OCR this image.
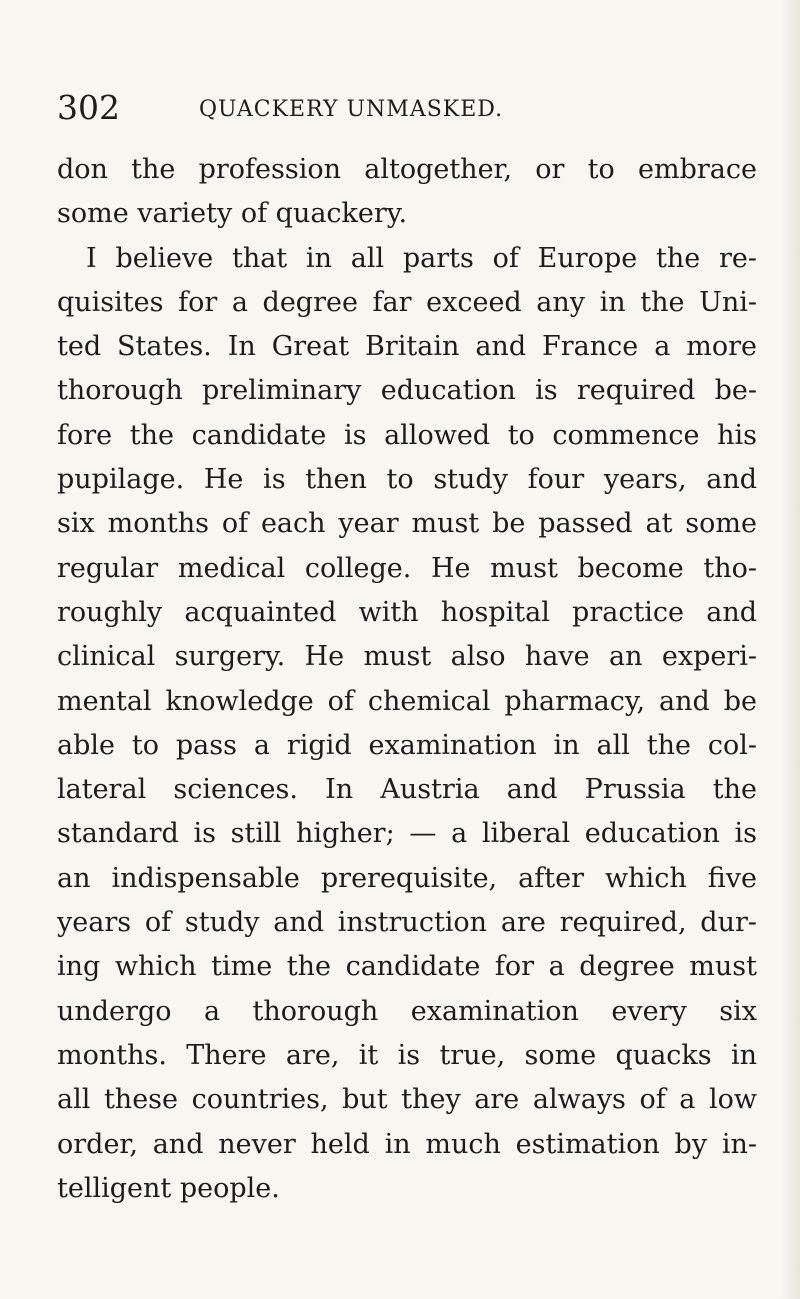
302	QUACKERY UNMASKED.
don the profession altogether, or to embrace
some variety of quackery.
I believe that in all parts of Europe the re-
quisites for a degree far exceed any in the Uni-
ted States. In Great Britain and France a more
thorough preliminary education is required be-
fore the candidate is allowed to commence his
pupilage. He is then to study four years, and
six months of each year must be passed at some
regular medical college. He must become tho-
roughly acquainted with hospital practice and
clinical surgery. He must also have an experi-
mental knowledge of chemical pharmacy, and be
able to pass a rigid examination in all the col-
lateral sciences. In Austria and Prussia the
standard is still higher; — a liberal education is
an indispensable prerequisite, after which five
years of study and instruction are required, dur-
ing which time the candidate for a degree must
undergo a thorough examination every six
months. There are, it is true, some quacks in
all these countries, but they are always of a low
order, and never held in much estimation by in-
telligent people.
